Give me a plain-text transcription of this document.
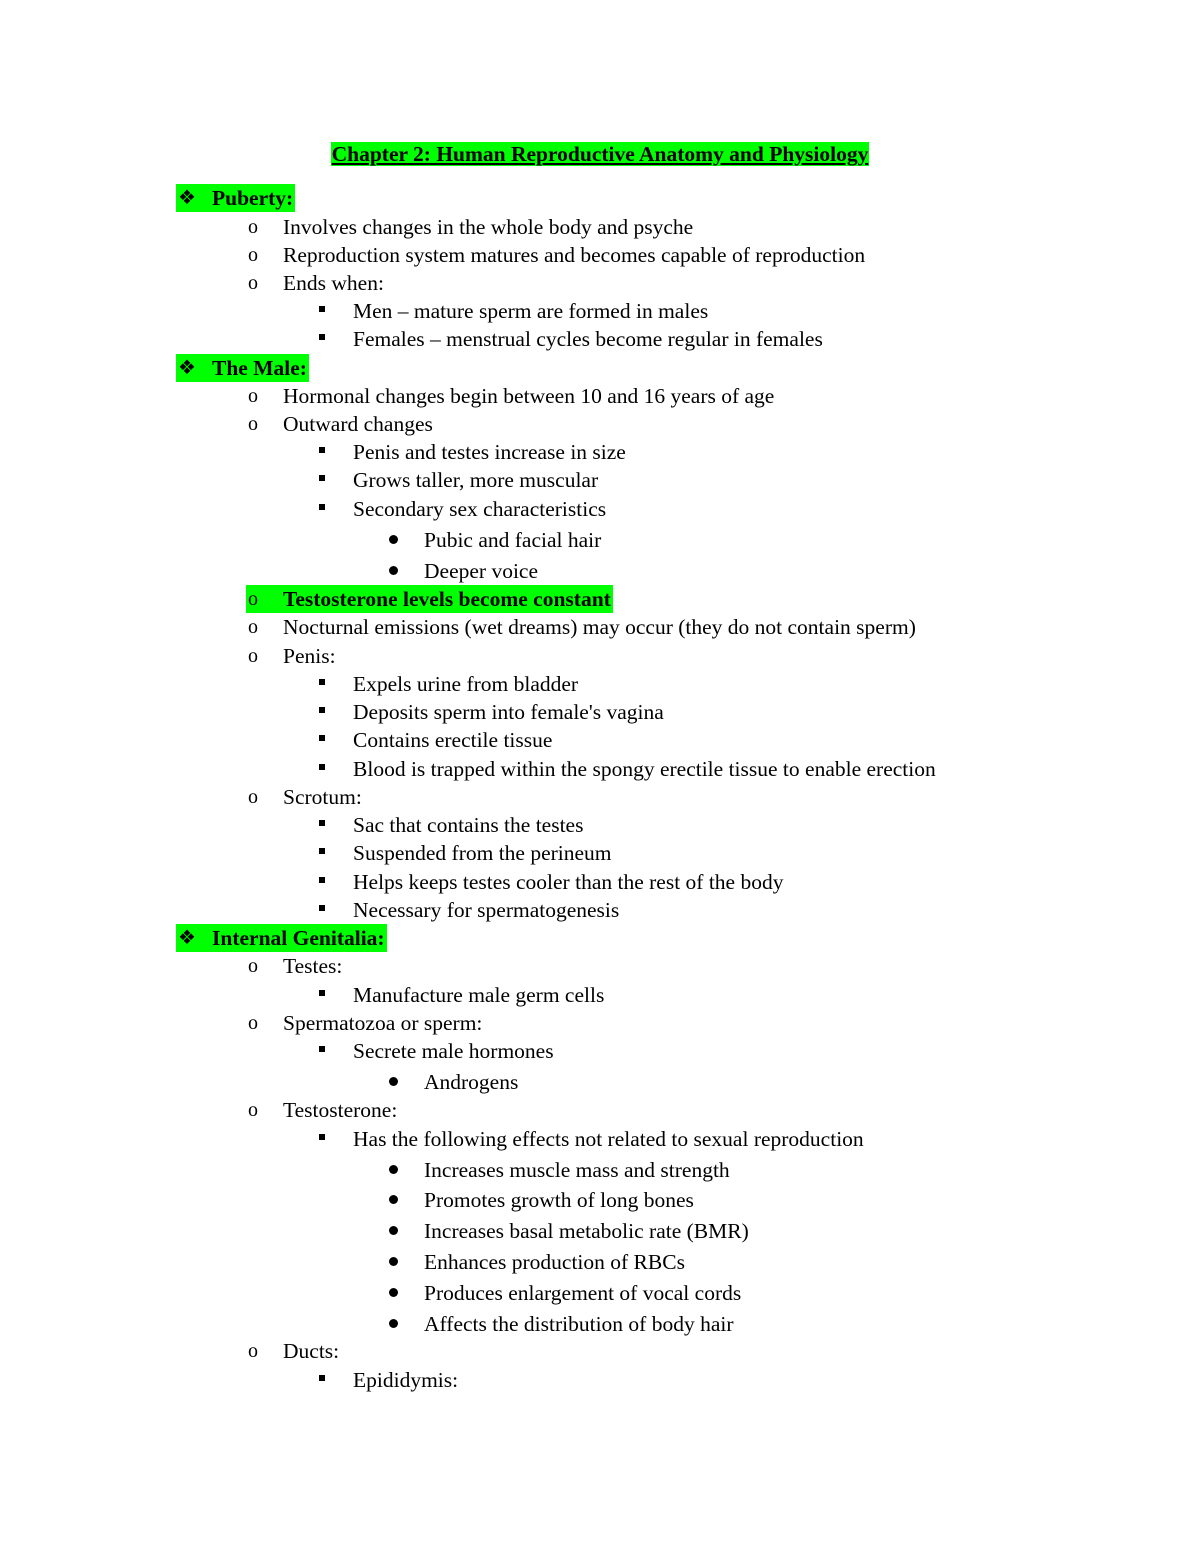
Chapter 2: Human Reproductive Anatomy and Physiology
❖ Puberty:
o Involves changes in the whole body and psyche
o Reproduction system matures and becomes capable of reproduction
o Ends when:
Men – mature sperm are formed in males
Females – menstrual cycles become regular in females
❖ The Male:
o Hormonal changes begin between 10 and 16 years of age
o Outward changes
Penis and testes increase in size
Grows taller, more muscular
Secondary sex characteristics
Pubic and facial hair
Deeper voice
o Testosterone levels become constant
o Nocturnal emissions (wet dreams) may occur (they do not contain sperm)
o Penis:
Expels urine from bladder
Deposits sperm into female's vagina
Contains erectile tissue
Blood is trapped within the spongy erectile tissue to enable erection
o Scrotum:
Sac that contains the testes
Suspended from the perineum
Helps keeps testes cooler than the rest of the body
Necessary for spermatogenesis
❖ Internal Genitalia:
o Testes:
Manufacture male germ cells
o Spermatozoa or sperm:
Secrete male hormones
Androgens
o Testosterone:
Has the following effects not related to sexual reproduction
Increases muscle mass and strength
Promotes growth of long bones
Increases basal metabolic rate (BMR)
Enhances production of RBCs
Produces enlargement of vocal cords
Affects the distribution of body hair
o Ducts:
Epididymis:
